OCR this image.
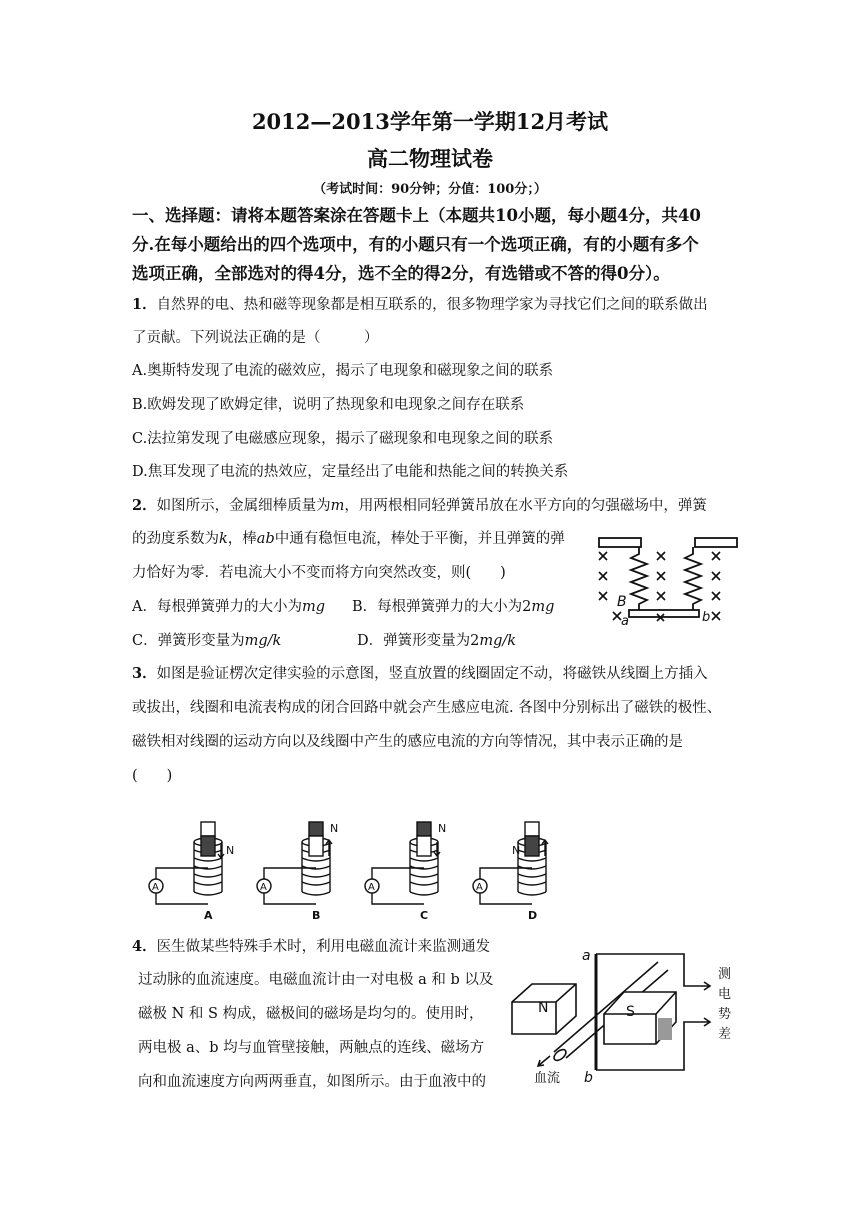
2012—2013学年第一学期12月考试
高二物理试卷
（考试时间：90分钟；分值：100分；）
一、选择题：请将本题答案涂在答题卡上（本题共10小题，每小题4分，共40
分.在每小题给出的四个选项中，有的小题只有一个选项正确，有的小题有多个
选项正确，全部选对的得4分，选不全的得2分，有选错或不答的得0分）。
1．自然界的电、热和磁等现象都是相互联系的，很多物理学家为寻找它们之间的联系做出
了贡献。下列说法正确的是（　　　）
A.奥斯特发现了电流的磁效应，揭示了电现象和磁现象之间的联系
B.欧姆发现了欧姆定律，说明了热现象和电现象之间存在联系
C.法拉第发现了电磁感应现象，揭示了磁现象和电现象之间的联系
D.焦耳发现了电流的热效应，定量经出了电能和热能之间的转换关系
2．如图所示，金属细棒质量为m，用两根相同轻弹簧吊放在水平方向的匀强磁场中，弹簧
的劲度系数为k，棒ab中通有稳恒电流，棒处于平衡，并且弹簧的弹
力恰好为零．若电流大小不变而将方向突然改变，则(　　)
A．每根弹簧弹力的大小为mg B．每根弹簧弹力的大小为2mg
C．弹簧形变量为mg/k	D．弹簧形变量为2mg/k
B
a	b
3．如图是验证楞次定律实验的示意图，竖直放置的线圈固定不动，将磁铁从线圈上方插入
或拔出，线圈和电流表构成的闭合回路中就会产生感应电流. 各图中分别标出了磁铁的极性、
磁铁相对线圈的运动方向以及线圈中产生的感应电流的方向等情况，其中表示正确的是
(　　)
A
N
A
A
N
B
A
N
C
A
N
D
4．医生做某些特殊手术时，利用电磁血流计来监测通发
过动脉的血流速度。电磁血流计由一对电极 a 和 b 以及
磁极 N 和 S 构成，磁极间的磁场是均匀的。使用时，
两电极 a、b 均与血管壁接触，两触点的连线、磁场方
向和血流速度方向两两垂直，如图所示。由于血液中的
a
b
N	S
血流
测
电
势
差
